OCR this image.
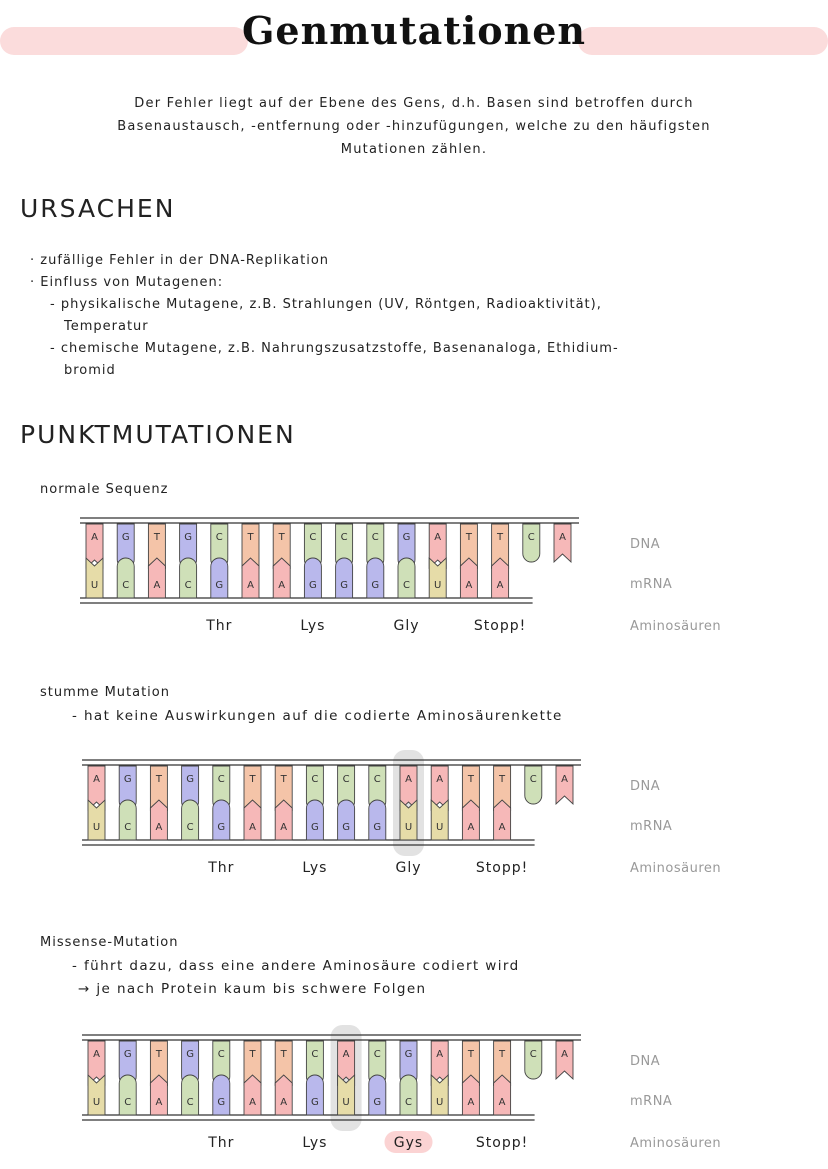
Genmutationen
Der Fehler liegt auf der Ebene des Gens, d.h. Basen sind betroffen durch
Basenaustausch, -entfernung oder -hinzufügungen, welche zu den häufigsten
Mutationen zählen.
URSACHEN
· zufällige Fehler in der DNA-Replikation
· Einfluss von Mutagenen:
- physikalische Mutagene, z.B. Strahlungen (UV, Röntgen, Radioaktivität),
Temperatur
- chemische Mutagene, z.B. Nahrungszusatzstoffe, Basenanaloga, Ethidium-
bromid
PUNKTMUTATIONEN
normale Sequenz
A G T G C T	T C C C G A T	T C A
U C A C G A A G G G C U A A
DNA
mRNA
Aminosäuren
Thr	Lys	Gly	Stopp!
stumme Mutation
- hat keine Auswirkungen auf die codierte Aminosäurenkette
A G T G C T	T C C C A A T	T C A
U C A C G A A G G G U U A A
DNA
mRNA
Aminosäuren
Thr	Lys	Gly	Stopp!
Missense-Mutation
- führt dazu, dass eine andere Aminosäure codiert wird
→ je nach Protein kaum bis schwere Folgen
A G T G C T	T C A C G A T	T C A
U C A C G A A G U G C U A A
DNA
mRNA
Aminosäuren
Thr	Lys	Gys	Stopp!
